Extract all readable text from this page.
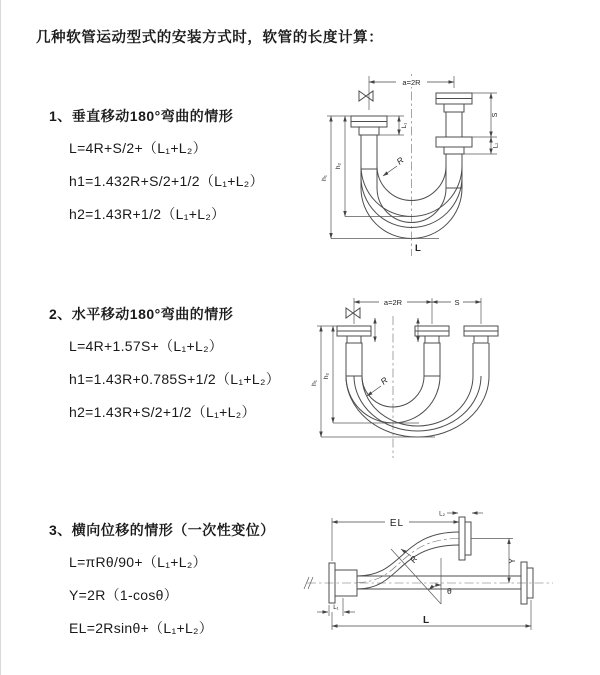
几种软管运动型式的安装方式时，软管的长度计算：
1、垂直移动180°弯曲的情形
L=4R+S/2+（L₁+L₂）
h1=1.432R+S/2+1/2（L₁+L₂）
h2=1.43R+1/2（L₁+L₂）
2、水平移动180°弯曲的情形
L=4R+1.57S+（L₁+L₂）
h1=1.43R+0.785S+1/2（L₁+L₂）
h2=1.43R+S/2+1/2（L₁+L₂）
3、横向位移的情形（一次性变位）
L=πRθ/90+（L₁+L₂）
Y=2R（1-cosθ）
EL=2Rsinθ+（L₁+L₂）
a=2R
L₁
S
L₂
h₂
h₁
R
L
a=2R	S
h₂
h₁	R
L₂
EL
Y
R
θ
L₁
L
